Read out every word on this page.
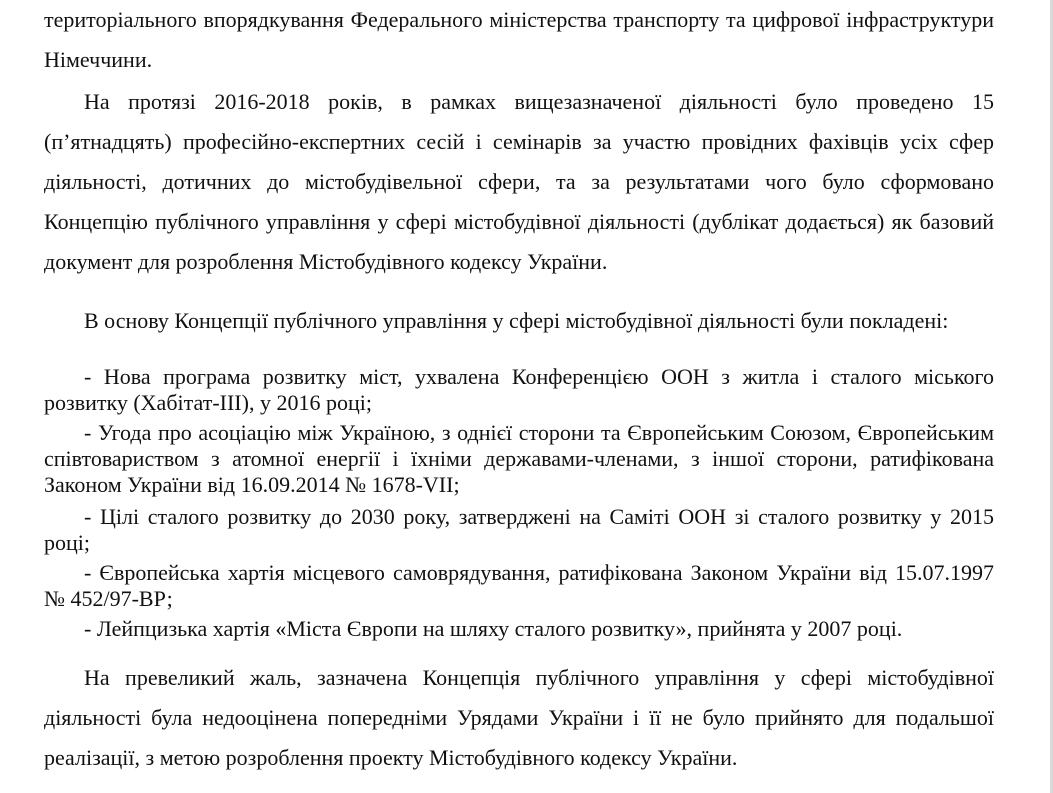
територіального впорядкування Федерального міністерства транспорту та цифрової інфраструктури Німеччини.

На протязі 2016-2018 років, в рамках вищезазначеної діяльності було проведено 15 (п’ятнадцять) професійно-експертних сесій і семінарів за участю провідних фахівців усіх сфер діяльності, дотичних до містобудівельної сфери, та за результатами чого було сформовано Концепцію публічного управління у сфері містобудівної діяльності (дублікат додається) як базовий документ для розроблення Містобудівного кодексу України.

В основу Концепції публічного управління у сфері містобудівної діяльності були покладені:

- Нова програма розвитку міст, ухвалена Конференцією ООН з житла і сталого міського розвитку (Хабітат-III), у 2016 році;

- Угода про асоціацію між Україною, з однієї сторони та Європейським Союзом, Європейським співтовариством з атомної енергії і їхніми державами-членами, з іншої сторони, ратифікована Законом України від 16.09.2014 № 1678-VII;

- Цілі сталого розвитку до 2030 року, затверджені на Саміті ООН зі сталого розвитку у 2015 році;

- Європейська хартія місцевого самоврядування, ратифікована Законом України від 15.07.1997 № 452/97-ВР;

- Лейпцизька хартія «Міста Європи на шляху сталого розвитку», прийнята у 2007 році.

На превеликий жаль, зазначена Концепція публічного управління у сфері містобудівної діяльності була недооцінена попередніми Урядами України і її не було прийнято для подальшої реалізації, з метою розроблення проекту Містобудівного кодексу України.
